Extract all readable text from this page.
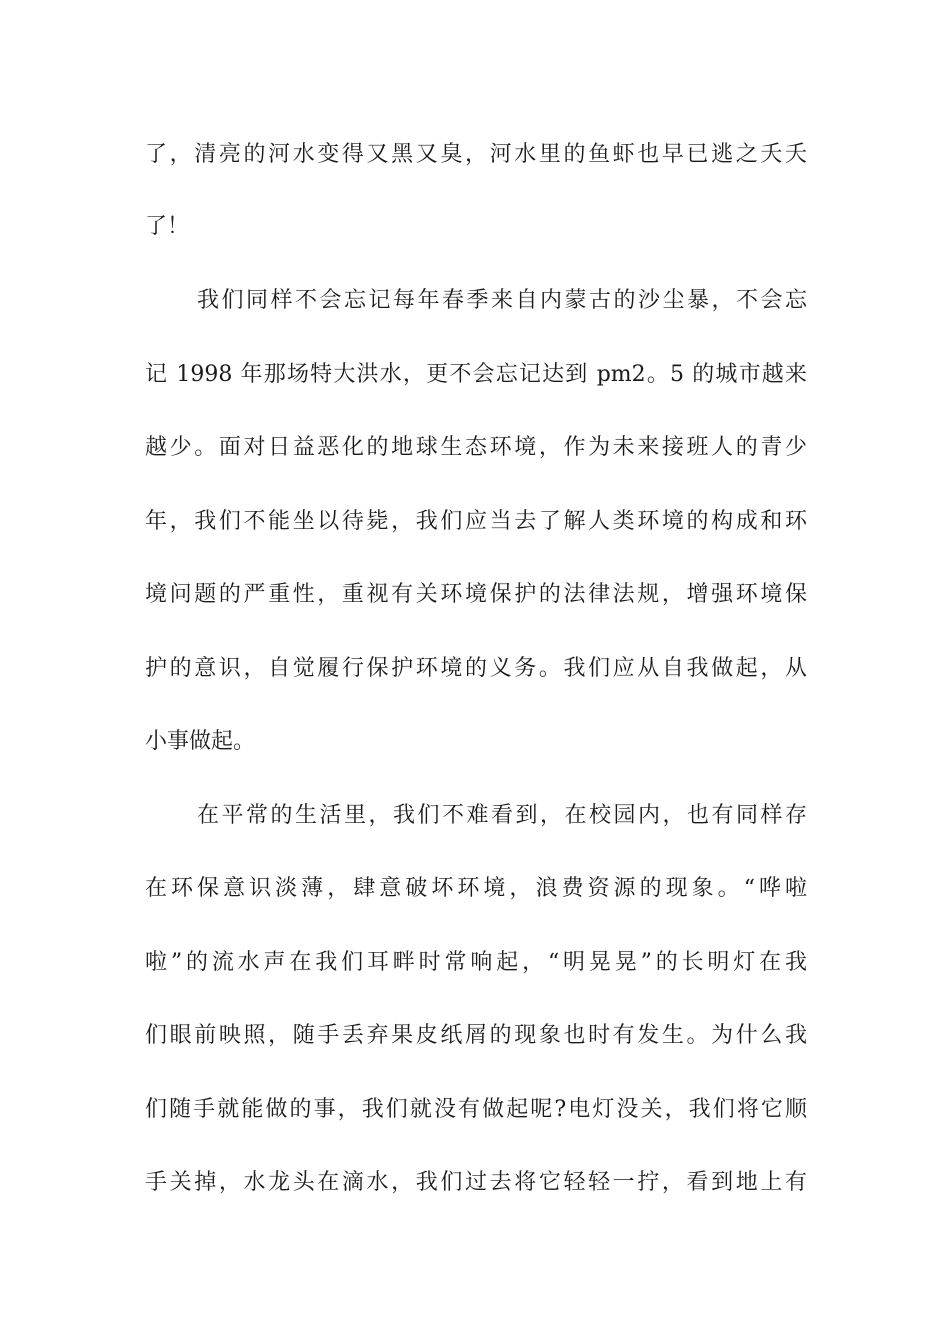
了，清亮的河水变得又黑又臭，河水里的鱼虾也早已逃之夭夭
了！
我们同样不会忘记每年春季来自内蒙古的沙尘暴，不会忘
记 1998 年那场特大洪水，更不会忘记达到 pm2。5 的城市越来
越少。面对日益恶化的地球生态环境，作为未来接班人的青少
年，我们不能坐以待毙，我们应当去了解人类环境的构成和环
境问题的严重性，重视有关环境保护的法律法规，增强环境保
护的意识，自觉履行保护环境的义务。我们应从自我做起，从
小事做起。
在平常的生活里，我们不难看到，在校园内，也有同样存
在环保意识淡薄，肆意破坏环境，浪费资源的现象。“哗啦
啦”的流水声在我们耳畔时常响起，“明晃晃”的长明灯在我
们眼前映照，随手丢弃果皮纸屑的现象也时有发生。为什么我
们随手就能做的事，我们就没有做起呢?电灯没关，我们将它顺
手关掉，水龙头在滴水，我们过去将它轻轻一拧，看到地上有
